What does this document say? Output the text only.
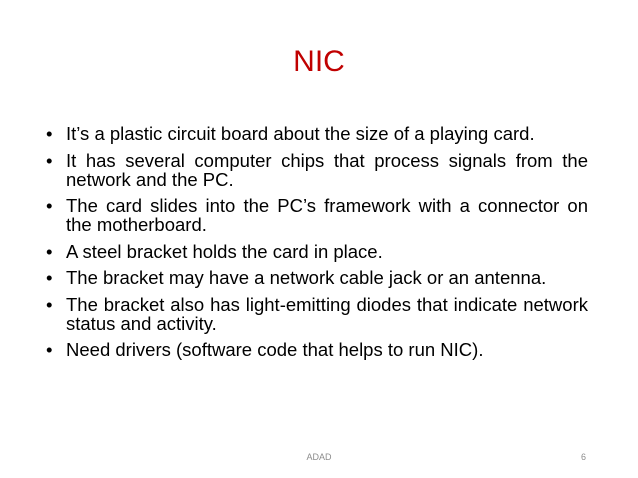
NIC
• It’s a plastic circuit board about the size of a playing card.
• It has several computer chips that process signals from the network and the PC.
• The card slides into the PC’s framework with a connector on the motherboard.
• A steel bracket holds the card in place.
• The bracket may have a network cable jack or an antenna.
• The bracket also has light-emitting diodes that indicate network status and activity.
• Need drivers (software code that helps to run NIC).
ADAD	6
